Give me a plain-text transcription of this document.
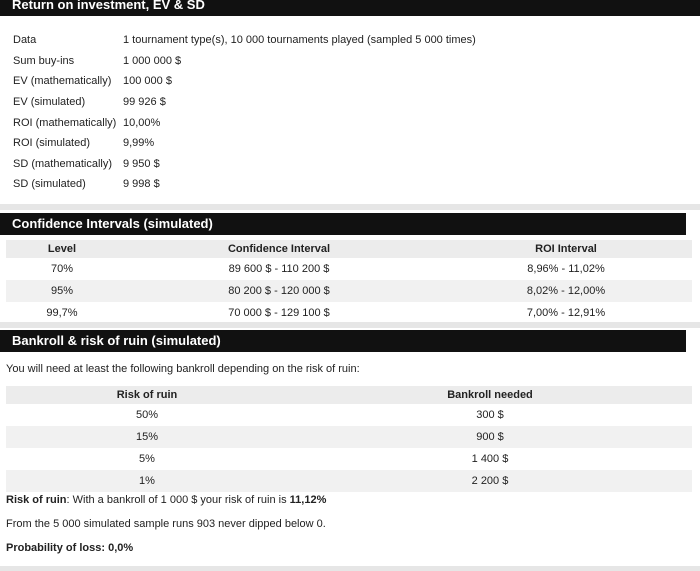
Return on investment, EV & SD
Data	1 tournament type(s), 10 000 tournaments played (sampled 5 000 times)
Sum buy-ins	1 000 000 $
EV (mathematically)	100 000 $
EV (simulated)	99 926 $
ROI (mathematically)	10,00%
ROI (simulated)	9,99%
SD (mathematically)	9 950 $
SD (simulated)	9 998 $
Confidence Intervals (simulated)
Level	Confidence Interval	ROI Interval
70%	89 600 $ - 110 200 $	8,96% - 11,02%
95%	80 200 $ - 120 000 $	8,02% - 12,00%
99,7%	70 000 $ - 129 100 $	7,00% - 12,91%
Bankroll & risk of ruin (simulated)
You will need at least the following bankroll depending on the risk of ruin:
Risk of ruin	Bankroll needed
50%	300 $
15%	900 $
5%	1 400 $
1%	2 200 $
Risk of ruin: With a bankroll of 1 000 $ your risk of ruin is 11,12%
From the 5 000 simulated sample runs 903 never dipped below 0.
Probability of loss: 0,0%
